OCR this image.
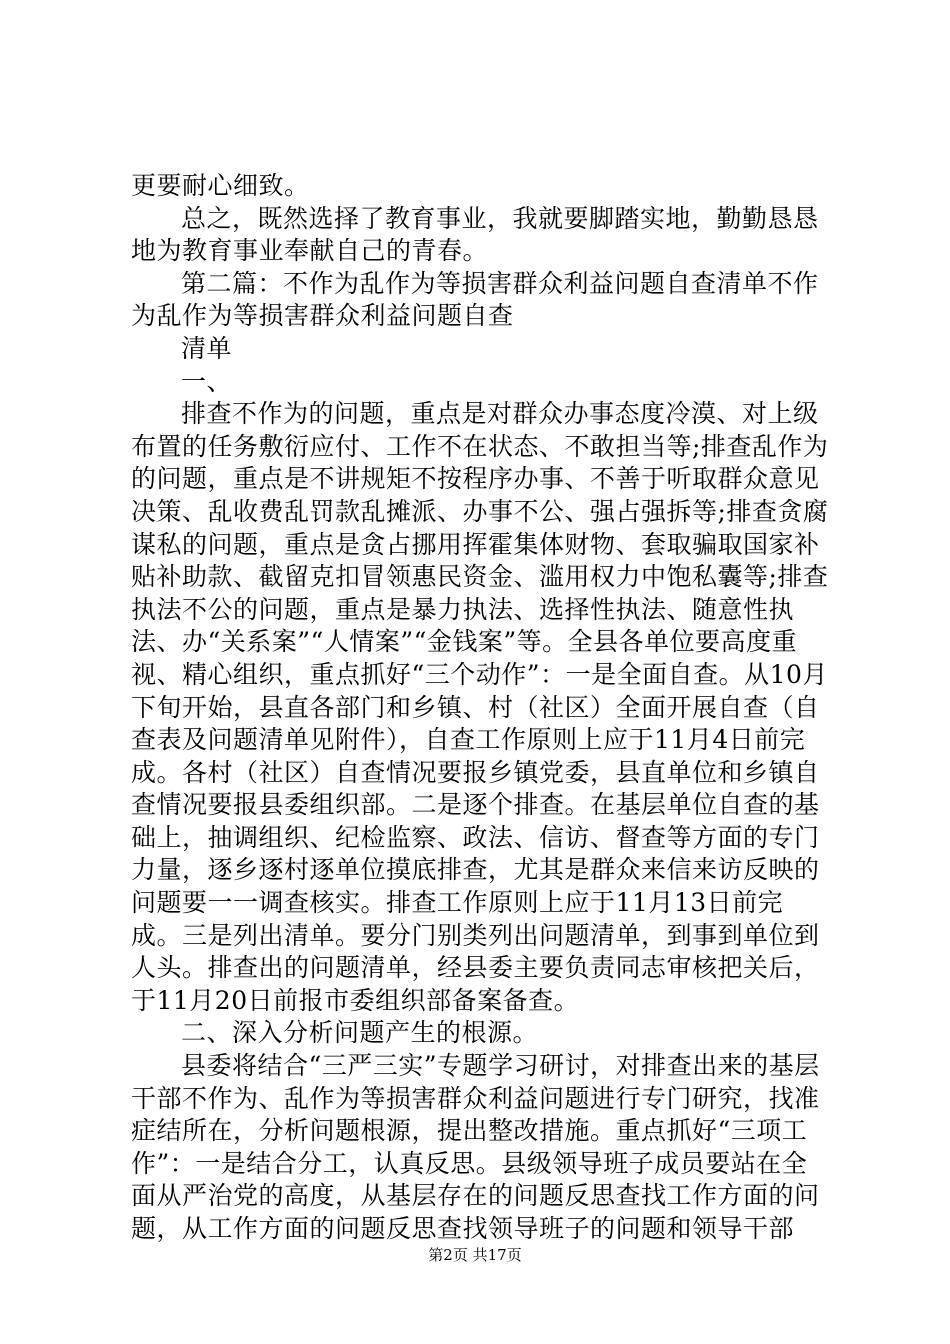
更要耐心细致。

总之，既然选择了教育事业，我就要脚踏实地，勤勤恳恳地为教育事业奉献自己的青春。

第二篇：不作为乱作为等损害群众利益问题自查清单不作为乱作为等损害群众利益问题自查

清单

一、

排查不作为的问题，重点是对群众办事态度冷漠、对上级布置的任务敷衍应付、工作不在状态、不敢担当等;排查乱作为的问题，重点是不讲规矩不按程序办事、不善于听取群众意见决策、乱收费乱罚款乱摊派、办事不公、强占强拆等;排查贪腐谋私的问题，重点是贪占挪用挥霍集体财物、套取骗取国家补贴补助款、截留克扣冒领惠民资金、滥用权力中饱私囊等;排查执法不公的问题，重点是暴力执法、选择性执法、随意性执法、办“关系案”“人情案”“金钱案”等。全县各单位要高度重视、精心组织，重点抓好“三个动作”：一是全面自查。从10月下旬开始，县直各部门和乡镇、村（社区）全面开展自查（自查表及问题清单见附件），自查工作原则上应于11月4日前完成。各村（社区）自查情况要报乡镇党委，县直单位和乡镇自查情况要报县委组织部。二是逐个排查。在基层单位自查的基础上，抽调组织、纪检监察、政法、信访、督查等方面的专门力量，逐乡逐村逐单位摸底排查，尤其是群众来信来访反映的问题要一一调查核实。排查工作原则上应于11月13日前完成。三是列出清单。要分门别类列出问题清单，到事到单位到人头。排查出的问题清单，经县委主要负责同志审核把关后，于11月20日前报市委组织部备案备查。

二、深入分析问题产生的根源。

县委将结合“三严三实”专题学习研讨，对排查出来的基层干部不作为、乱作为等损害群众利益问题进行专门研究，找准症结所在，分析问题根源，提出整改措施。重点抓好“三项工作”：一是结合分工，认真反思。县级领导班子成员要站在全面从严治党的高度，从基层存在的问题反思查找工作方面的问题，从工作方面的问题反思查找领导班子的问题和领导干部

第2页 共17页
